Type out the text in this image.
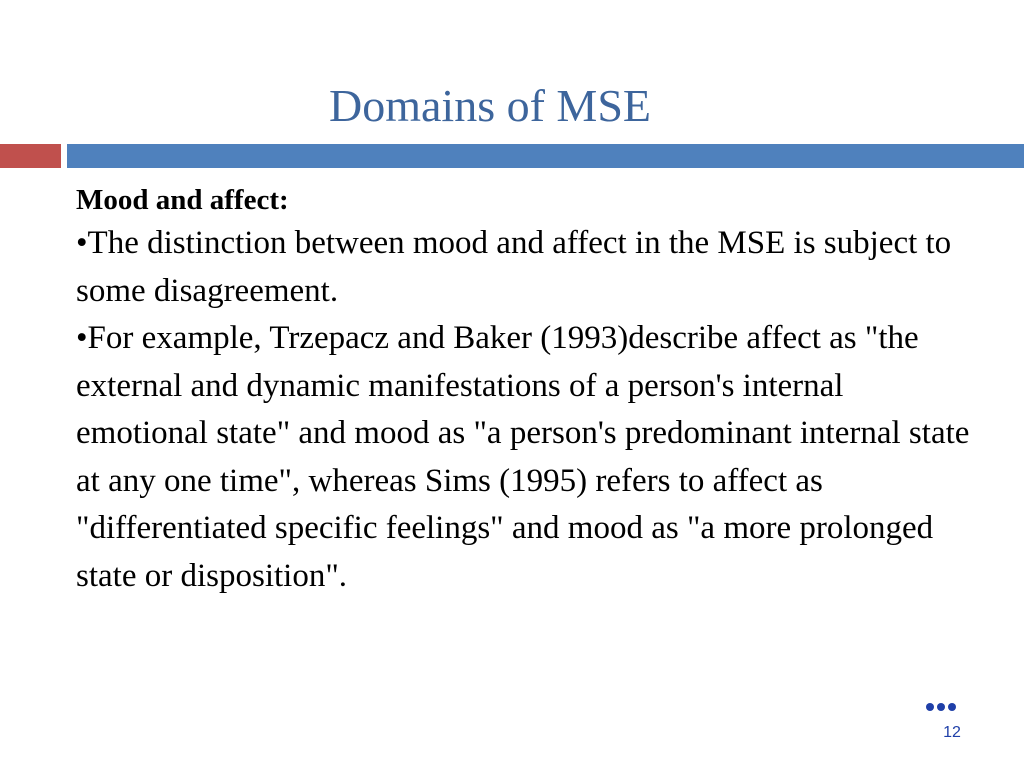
Domains of MSE

Mood and affect:

•The distinction between mood and affect in the MSE is subject to some disagreement.

•For example, Trzepacz and Baker (1993)describe affect as "the external and dynamic manifestations of a person's internal emotional state" and mood as "a person's predominant internal state at any one time", whereas Sims (1995) refers to affect as "differentiated specific feelings" and mood as "a more prolonged state or disposition".

12
